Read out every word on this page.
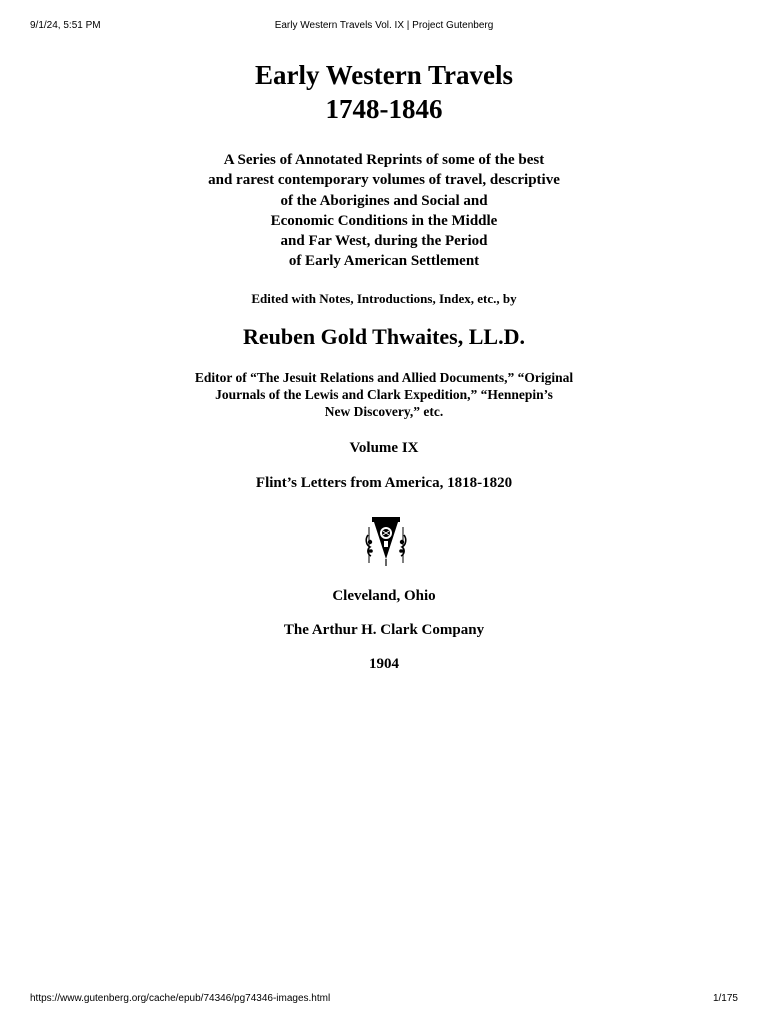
9/1/24, 5:51 PM	Early Western Travels Vol. IX | Project Gutenberg
Early Western Travels
1748-1846
A Series of Annotated Reprints of some of the best
and rarest contemporary volumes of travel, descriptive
of the Aborigines and Social and
Economic Conditions in the Middle
and Far West, during the Period
of Early American Settlement
Edited with Notes, Introductions, Index, etc., by
Reuben Gold Thwaites, LL.D.
Editor of “The Jesuit Relations and Allied Documents,” “Original
Journals of the Lewis and Clark Expedition,” “Hennepin’s
New Discovery,” etc.
Volume IX
Flint’s Letters from America, 1818-1820
Cleveland, Ohio
The Arthur H. Clark Company
1904
https://www.gutenberg.org/cache/epub/74346/pg74346-images.html	1/175
